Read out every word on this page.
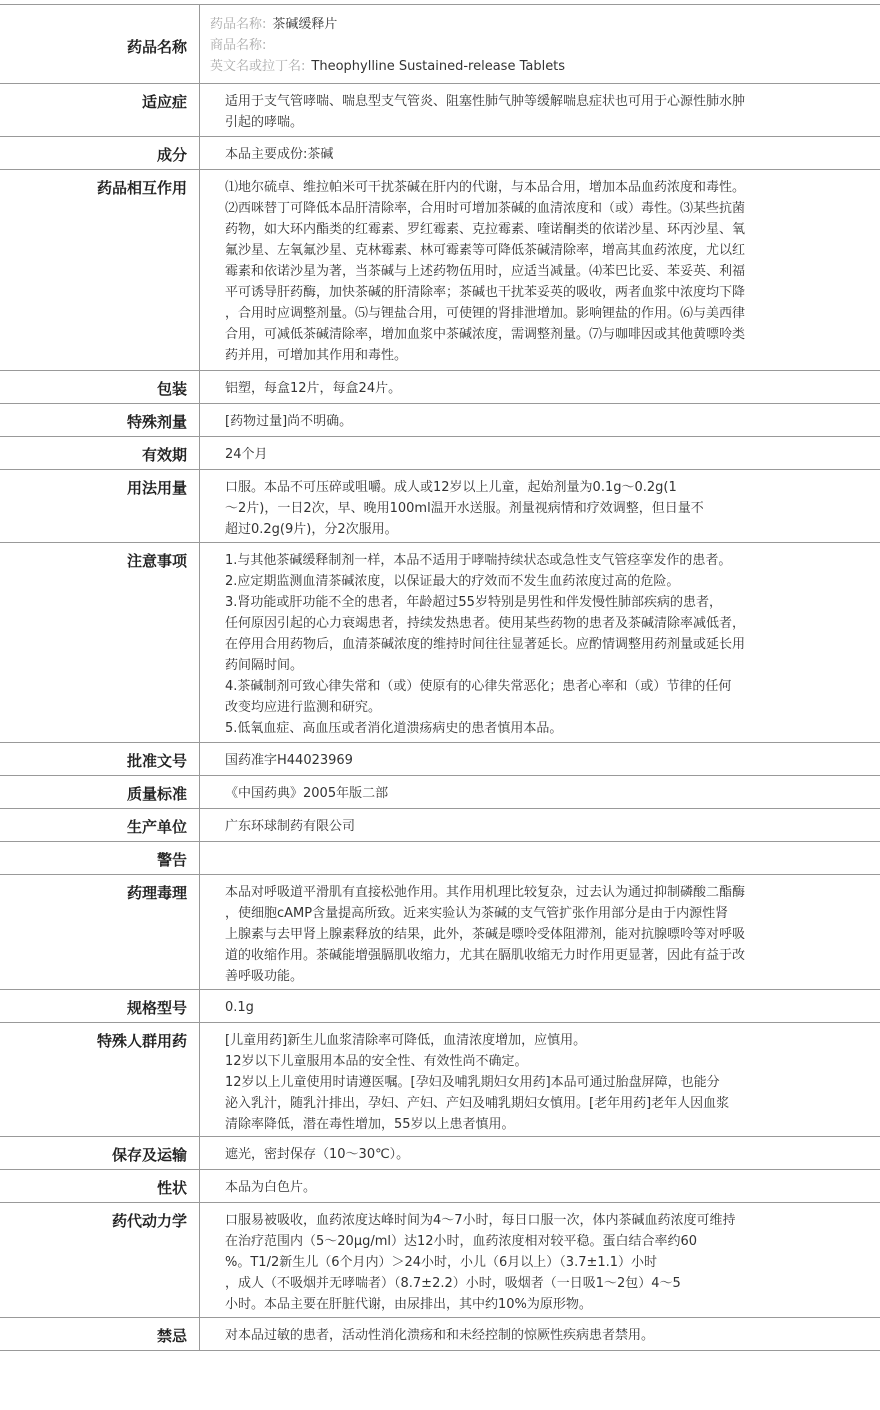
药品名称
药品名称: 茶碱缓释片
商品名称:
英文名或拉丁名: Theophylline Sustained-release Tablets
适应症	适用于支气管哮喘、喘息型支气管炎、阻塞性肺气肿等缓解喘息症状也可用于心源性肺水肿
引起的哮喘。
成分	本品主要成份:茶碱
药品相互作用	⑴地尔硫卓、维拉帕米可干扰茶碱在肝内的代谢，与本品合用，增加本品血药浓度和毒性。
⑵西咪替丁可降低本品肝清除率，合用时可增加茶碱的血清浓度和（或）毒性。⑶某些抗菌
药物，如大环内酯类的红霉素、罗红霉素、克拉霉素、喹诺酮类的依诺沙星、环丙沙星、氧
氟沙星、左氧氟沙星、克林霉素、林可霉素等可降低茶碱清除率，增高其血药浓度，尤以红
霉素和依诺沙星为著，当茶碱与上述药物伍用时，应适当减量。⑷苯巴比妥、苯妥英、利福
平可诱导肝药酶，加快茶碱的肝清除率；茶碱也干扰苯妥英的吸收，两者血浆中浓度均下降
，合用时应调整剂量。⑸与锂盐合用，可使锂的肾排泄增加。影响锂盐的作用。⑹与美西律
合用，可减低茶碱清除率，增加血浆中茶碱浓度，需调整剂量。⑺与咖啡因或其他黄嘌呤类
药并用，可增加其作用和毒性。
包装	铝塑，每盒12片，每盒24片。
特殊剂量	[药物过量]尚不明确。
有效期	24个月
用法用量	口服。本品不可压碎或咀嚼。成人或12岁以上儿童，起始剂量为0.1g～0.2g(1
～2片)，一日2次，早、晚用100ml温开水送服。剂量视病情和疗效调整，但日量不
超过0.2g(9片)，分2次服用。
注意事项	1.与其他茶碱缓释制剂一样，本品不适用于哮喘持续状态或急性支气管痉挛发作的患者。
2.应定期监测血清茶碱浓度，以保证最大的疗效而不发生血药浓度过高的危险。
3.肾功能或肝功能不全的患者，年龄超过55岁特别是男性和伴发慢性肺部疾病的患者，
任何原因引起的心力衰竭患者，持续发热患者。使用某些药物的患者及茶碱清除率减低者，
在停用合用药物后，血清茶碱浓度的维持时间往往显著延长。应酌情调整用药剂量或延长用
药间隔时间。
4.茶碱制剂可致心律失常和（或）使原有的心律失常恶化；患者心率和（或）节律的任何
改变均应进行监测和研究。
5.低氧血症、高血压或者消化道溃疡病史的患者慎用本品。
批准文号	国药准字H44023969
质量标准	《中国药典》2005年版二部
生产单位	广东环球制药有限公司
警告
药理毒理	本品对呼吸道平滑肌有直接松弛作用。其作用机理比较复杂，过去认为通过抑制磷酸二酯酶
，使细胞cAMP含量提高所致。近来实验认为茶碱的支气管扩张作用部分是由于内源性肾
上腺素与去甲肾上腺素释放的结果，此外，茶碱是嘌呤受体阻滞剂，能对抗腺嘌呤等对呼吸
道的收缩作用。茶碱能增强膈肌收缩力，尤其在膈肌收缩无力时作用更显著，因此有益于改
善呼吸功能。
规格型号	0.1g
特殊人群用药	[儿童用药]新生儿血浆清除率可降低，血清浓度增加，应慎用。
12岁以下儿童服用本品的安全性、有效性尚不确定。
12岁以上儿童使用时请遵医嘱。[孕妇及哺乳期妇女用药]本品可通过胎盘屏障，也能分
泌入乳汁，随乳汁排出，孕妇、产妇、产妇及哺乳期妇女慎用。[老年用药]老年人因血浆
清除率降低，潜在毒性增加，55岁以上患者慎用。
保存及运输	遮光，密封保存（10～30℃）。
性状	本品为白色片。
药代动力学	口服易被吸收，血药浓度达峰时间为4～7小时，每日口服一次，体内茶碱血药浓度可维持
在治疗范围内（5～20μg/ml）达12小时，血药浓度相对较平稳。蛋白结合率约60
%。T1/2新生儿（6个月内）＞24小时，小儿（6月以上）（3.7±1.1）小时
，成人（不吸烟并无哮喘者）（8.7±2.2）小时，吸烟者（一日吸1～2包）4～5
小时。本品主要在肝脏代谢，由尿排出，其中约10%为原形物。
禁忌	对本品过敏的患者，活动性消化溃疡和和未经控制的惊厥性疾病患者禁用。
